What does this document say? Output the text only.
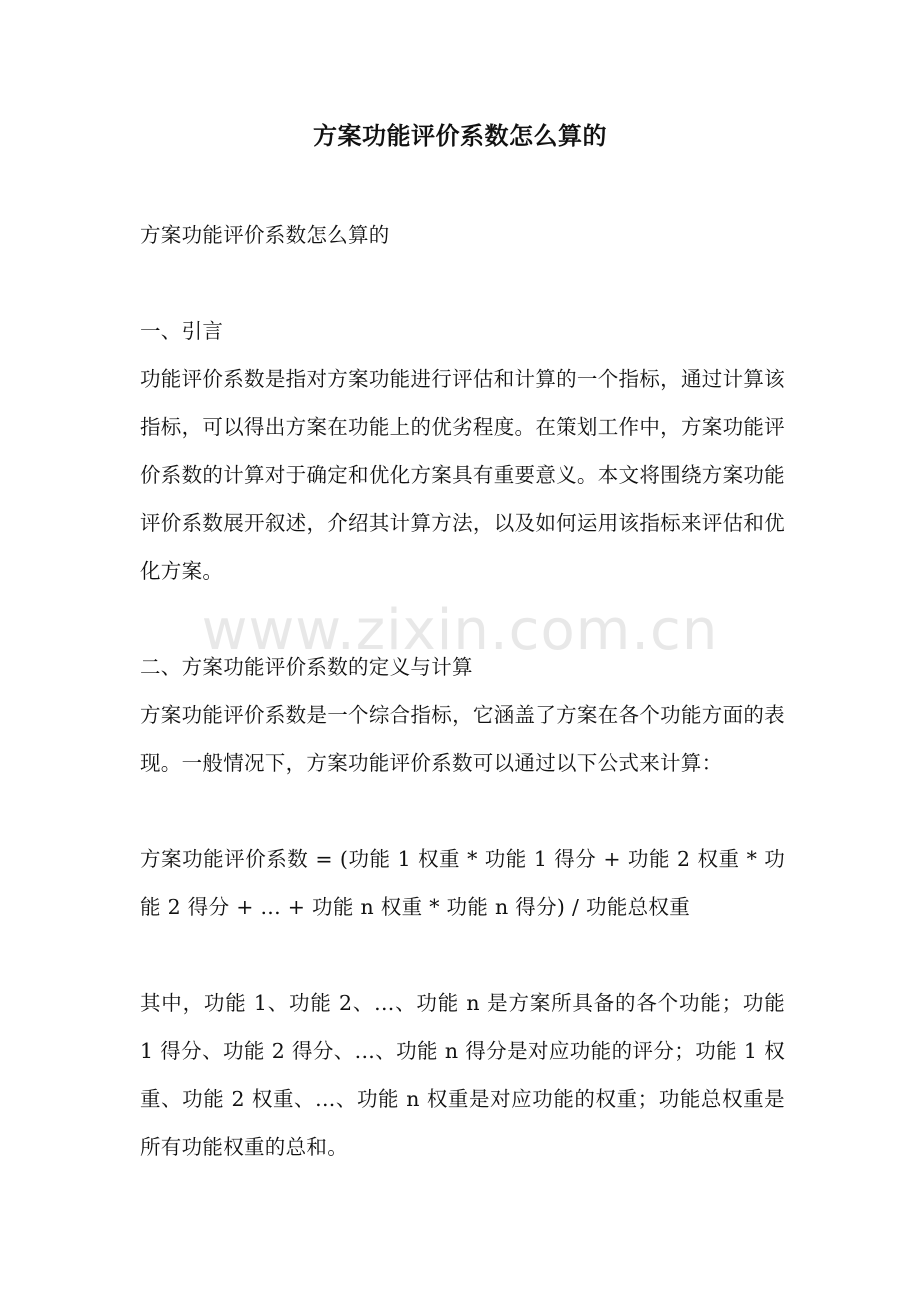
方案功能评价系数怎么算的
方案功能评价系数怎么算的
一、引言
功能评价系数是指对方案功能进行评估和计算的一个指标，通过计算该指标，可以得出方案在功能上的优劣程度。在策划工作中，方案功能评价系数的计算对于确定和优化方案具有重要意义。本文将围绕方案功能评价系数展开叙述，介绍其计算方法，以及如何运用该指标来评估和优化方案。
二、方案功能评价系数的定义与计算
方案功能评价系数是一个综合指标，它涵盖了方案在各个功能方面的表现。一般情况下，方案功能评价系数可以通过以下公式来计算：
方案功能评价系数 = (功能 1 权重 * 功能 1 得分 + 功能 2 权重 * 功能 2 得分 + ... + 功能 n 权重 * 功能 n 得分) / 功能总权重
其中，功能 1、功能 2、...、功能 n 是方案所具备的各个功能；功能 1 得分、功能 2 得分、...、功能 n 得分是对应功能的评分；功能 1 权重、功能 2 权重、...、功能 n 权重是对应功能的权重；功能总权重是所有功能权重的总和。
www.zixin.com.cn
